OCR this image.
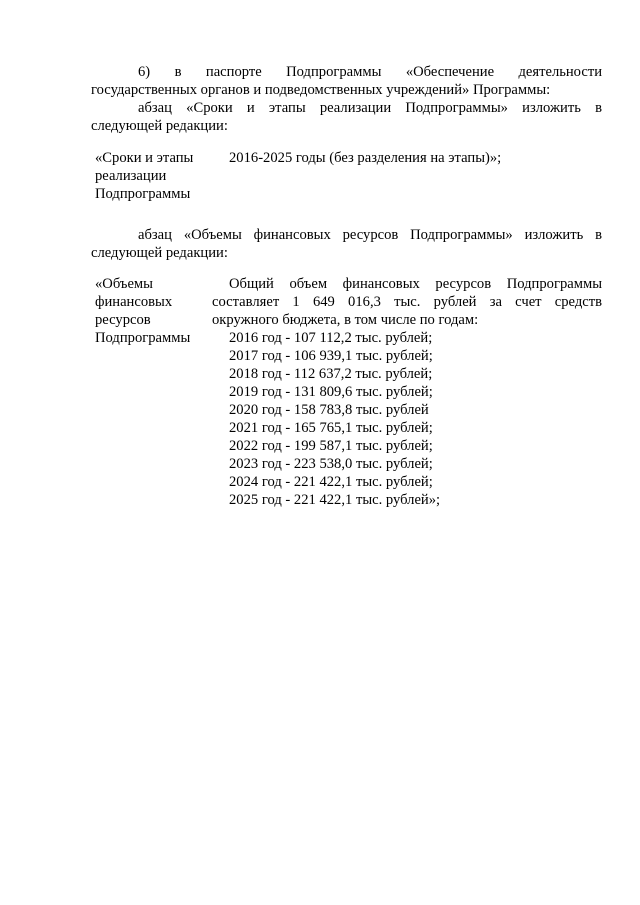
6) в паспорте Подпрограммы «Обеспечение деятельности
государственных органов и подведомственных учреждений» Программы:
абзац «Сроки и этапы реализации Подпрограммы» изложить в
следующей редакции:
«Сроки и этапы
реализации
Подпрограммы
2016-2025 годы (без разделения на этапы)»;
абзац «Объемы финансовых ресурсов Подпрограммы» изложить в
следующей редакции:
«Объемы
финансовых
ресурсов
Подпрограммы
Общий объем финансовых ресурсов Подпрограммы
составляет 1 649 016,3 тыс. рублей за счет средств
окружного бюджета, в том числе по годам:
2016 год - 107 112,2 тыс. рублей;
2017 год - 106 939,1 тыс. рублей;
2018 год - 112 637,2 тыс. рублей;
2019 год - 131 809,6 тыс. рублей;
2020 год - 158 783,8 тыс. рублей
2021 год - 165 765,1 тыс. рублей;
2022 год - 199 587,1 тыс. рублей;
2023 год - 223 538,0 тыс. рублей;
2024 год - 221 422,1 тыс. рублей;
2025 год - 221 422,1 тыс. рублей»;
